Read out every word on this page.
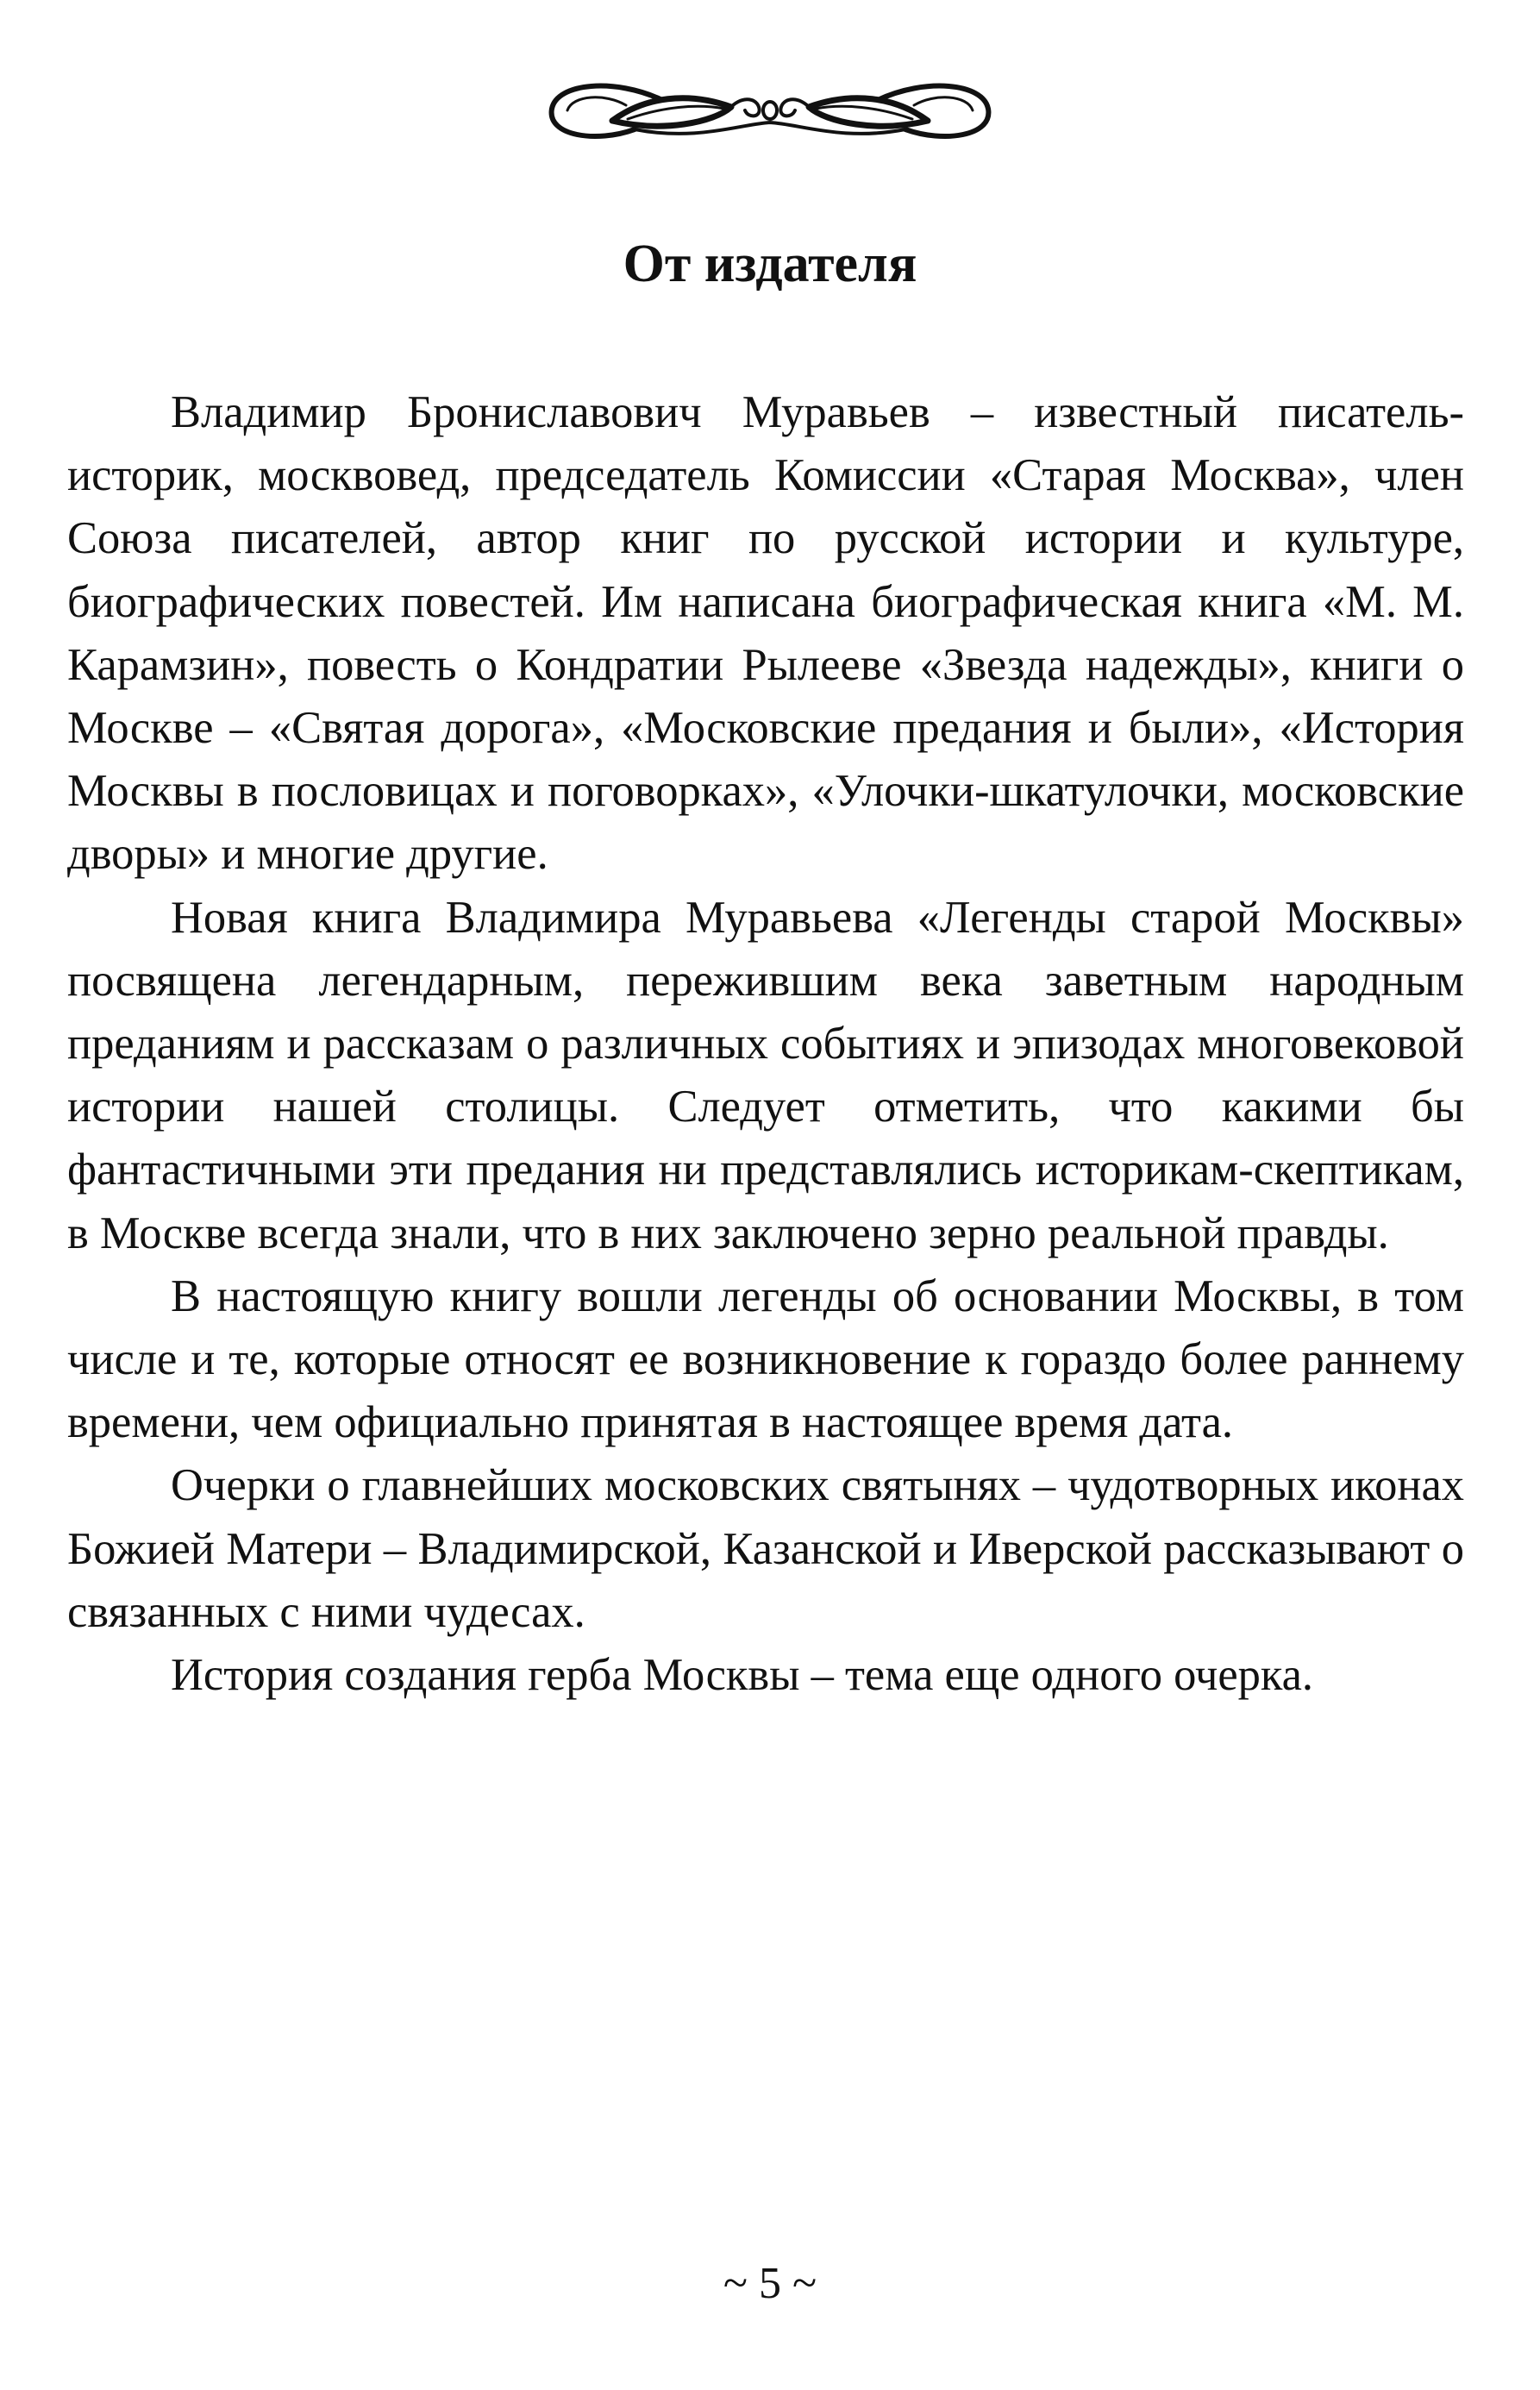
От издателя

Владимир Брониславович Муравьев – известный писатель-историк, москвовед, председатель Комиссии «Старая Москва», член Союза писателей, автор книг по русской истории и культуре, биографических повестей. Им написана биографическая книга «М. М. Карамзин», повесть о Кондратии Рылееве «Звезда надежды», книги о Москве – «Святая дорога», «Московские предания и были», «История Москвы в пословицах и поговорках», «Улочки-шкатулочки, московские дворы» и многие другие.

Новая книга Владимира Муравьева «Легенды старой Москвы» посвящена легендарным, пережившим века заветным народным преданиям и рассказам о различных событиях и эпизодах многовековой истории нашей столицы. Следует отметить, что какими бы фантастичными эти предания ни представлялись историкам-скептикам, в Москве всегда знали, что в них заключено зерно реальной правды.

В настоящую книгу вошли легенды об основании Москвы, в том числе и те, которые относят ее возникновение к гораздо более раннему времени, чем официально принятая в настоящее время дата.

Очерки о главнейших московских святынях – чудотворных иконах Божией Матери – Владимирской, Казанской и Иверской рассказывают о связанных с ними чудесах.

История создания герба Москвы – тема еще одного очерка.

~ 5 ~
